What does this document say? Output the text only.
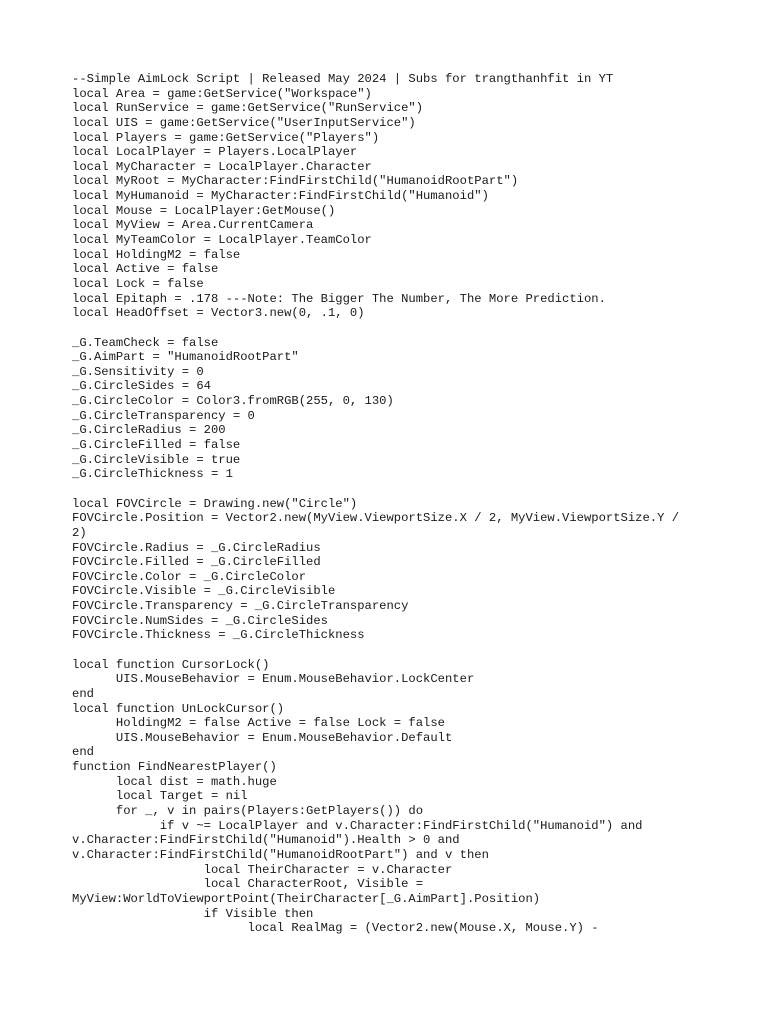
--Simple AimLock Script | Released May 2024 | Subs for trangthanhfit in YT
local Area = game:GetService("Workspace")
local RunService = game:GetService("RunService")
local UIS = game:GetService("UserInputService")
local Players = game:GetService("Players")
local LocalPlayer = Players.LocalPlayer
local MyCharacter = LocalPlayer.Character
local MyRoot = MyCharacter:FindFirstChild("HumanoidRootPart")
local MyHumanoid = MyCharacter:FindFirstChild("Humanoid")
local Mouse = LocalPlayer:GetMouse()
local MyView = Area.CurrentCamera
local MyTeamColor = LocalPlayer.TeamColor
local HoldingM2 = false
local Active = false
local Lock = false
local Epitaph = .178 ---Note: The Bigger The Number, The More Prediction.
local HeadOffset = Vector3.new(0, .1, 0)
_G.TeamCheck = false
_G.AimPart = "HumanoidRootPart"
_G.Sensitivity = 0
_G.CircleSides = 64
_G.CircleColor = Color3.fromRGB(255, 0, 130)
_G.CircleTransparency = 0
_G.CircleRadius = 200
_G.CircleFilled = false
_G.CircleVisible = true
_G.CircleThickness = 1
local FOVCircle = Drawing.new("Circle")
FOVCircle.Position = Vector2.new(MyView.ViewportSize.X / 2, MyView.ViewportSize.Y /
2)
FOVCircle.Radius = _G.CircleRadius
FOVCircle.Filled = _G.CircleFilled
FOVCircle.Color = _G.CircleColor
FOVCircle.Visible = _G.CircleVisible
FOVCircle.Transparency = _G.CircleTransparency
FOVCircle.NumSides = _G.CircleSides
FOVCircle.Thickness = _G.CircleThickness
local function CursorLock()
UIS.MouseBehavior = Enum.MouseBehavior.LockCenter
end
local function UnLockCursor()
HoldingM2 = false Active = false Lock = false
UIS.MouseBehavior = Enum.MouseBehavior.Default
end
function FindNearestPlayer()
local dist = math.huge
local Target = nil
for _, v in pairs(Players:GetPlayers()) do
if v ~= LocalPlayer and v.Character:FindFirstChild("Humanoid") and
v.Character:FindFirstChild("Humanoid").Health > 0 and
v.Character:FindFirstChild("HumanoidRootPart") and v then
local TheirCharacter = v.Character
local CharacterRoot, Visible =
MyView:WorldToViewportPoint(TheirCharacter[_G.AimPart].Position)
if Visible then
local RealMag = (Vector2.new(Mouse.X, Mouse.Y) -
